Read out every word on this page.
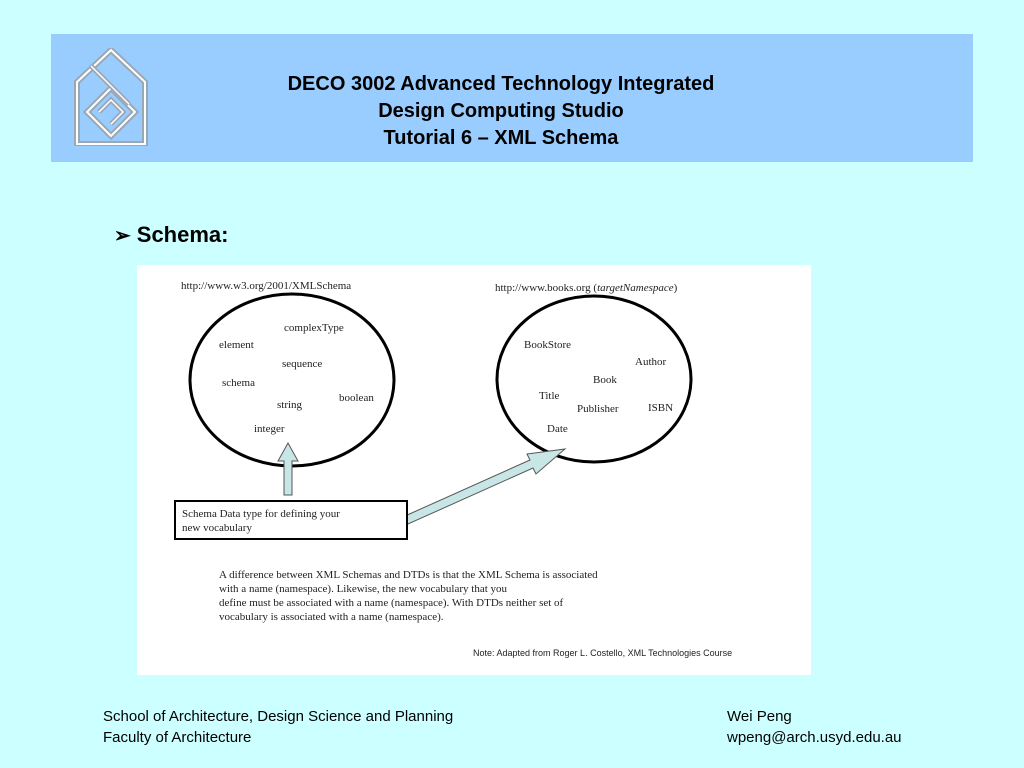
DECO 3002 Advanced Technology Integrated
Design Computing Studio
Tutorial 6 – XML Schema
➢ Schema:
http://www.w3.org/2001/XMLSchema	http://www.books.org (targetNamespace)
complexType
element
sequence
schema
boolean
string
integer
BookStore
Author
Book
Title
Publisher	ISBN
Date
Schema Data type for defining your
new vocabulary
A difference between XML Schemas and DTDs is that the XML Schema is associated
with a name (namespace). Likewise, the new vocabulary that you
define must be associated with a name (namespace). With DTDs neither set of
vocabulary is associated with a name (namespace).
Note: Adapted from Roger L. Costello, XML Technologies Course
School of Architecture, Design Science and Planning
Faculty of Architecture
Wei Peng
wpeng@arch.usyd.edu.au
